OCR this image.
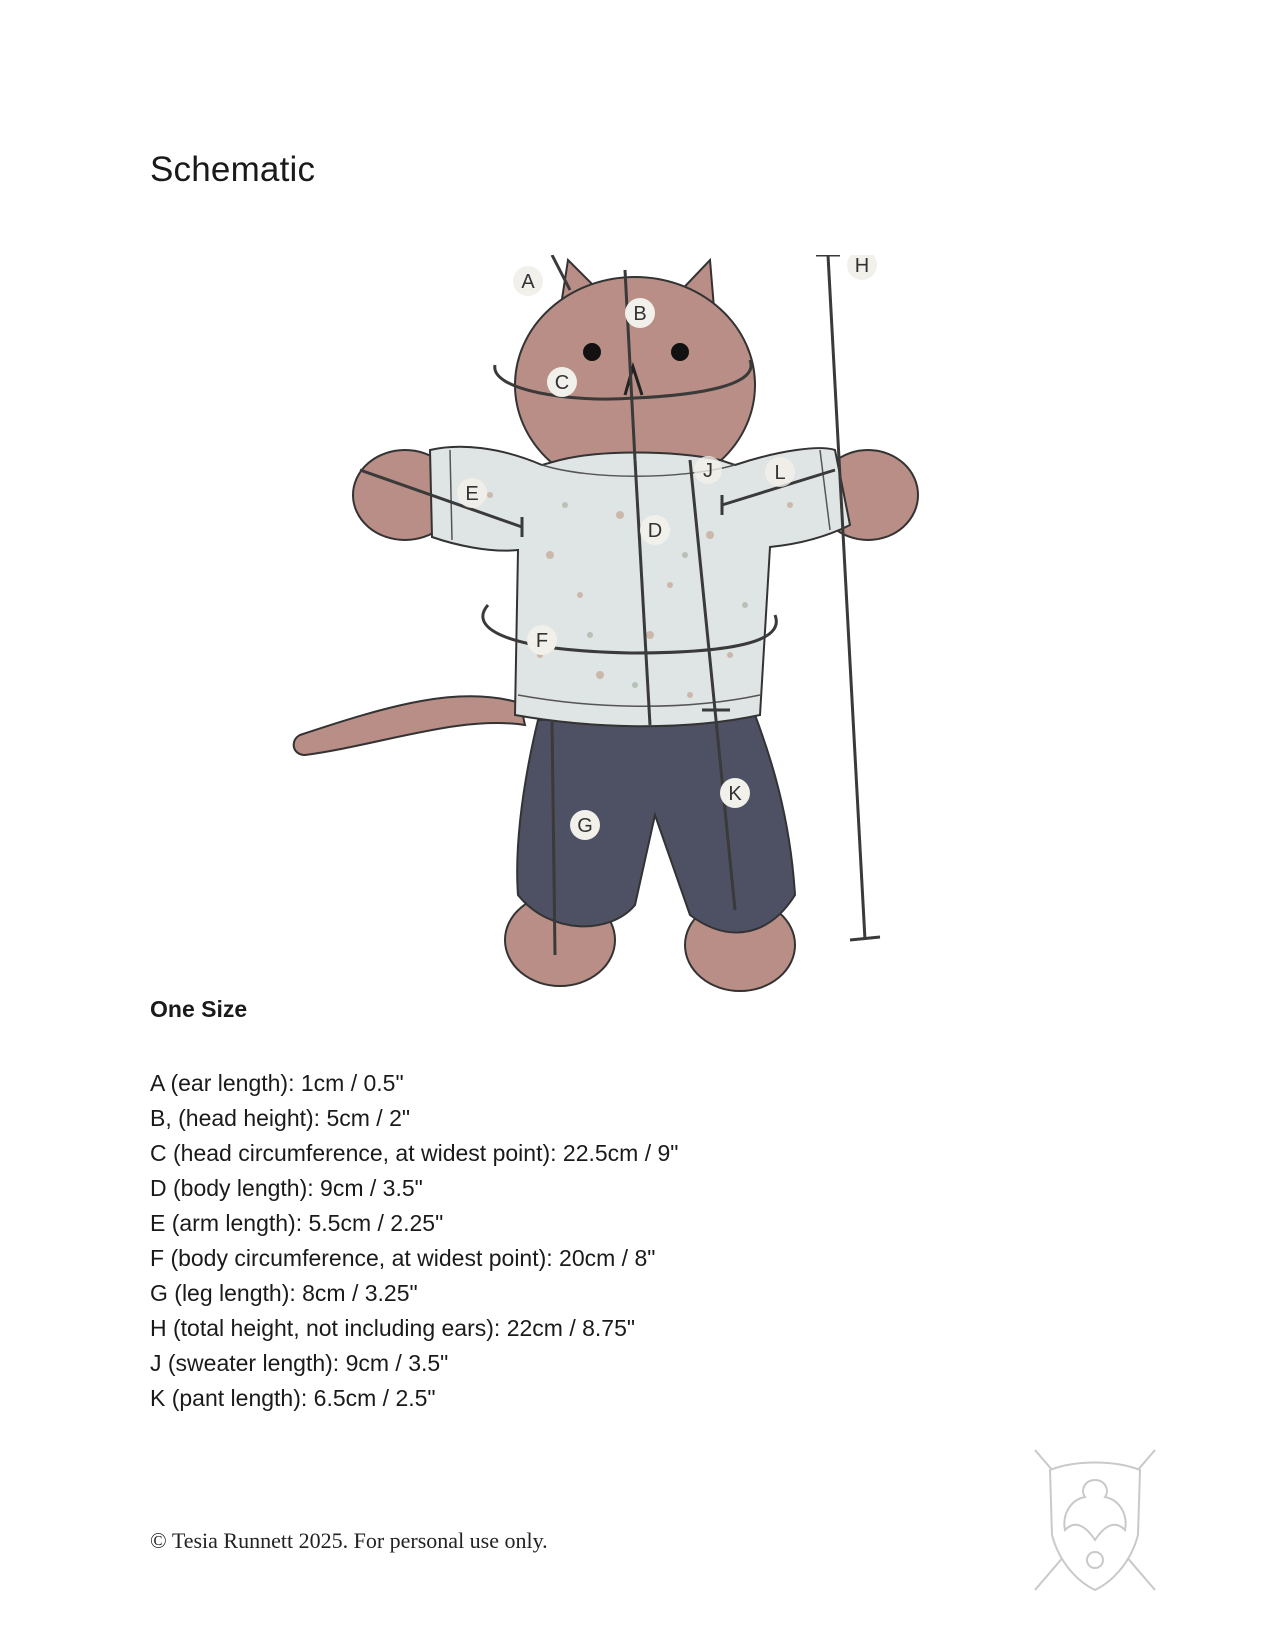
Schematic
A
B
C
D
E
F
G
H
J
K
L
One Size
A (ear length): 1cm / 0.5"
B, (head height): 5cm / 2"
C (head circumference, at widest point): 22.5cm / 9"
D (body length): 9cm / 3.5"
E (arm length): 5.5cm / 2.25"
F (body circumference, at widest point): 20cm / 8"
G (leg length): 8cm / 3.25"
H (total height, not including ears): 22cm / 8.75"
J (sweater length): 9cm / 3.5"
K (pant length): 6.5cm / 2.5"
© Tesia Runnett 2025. For personal use only.
